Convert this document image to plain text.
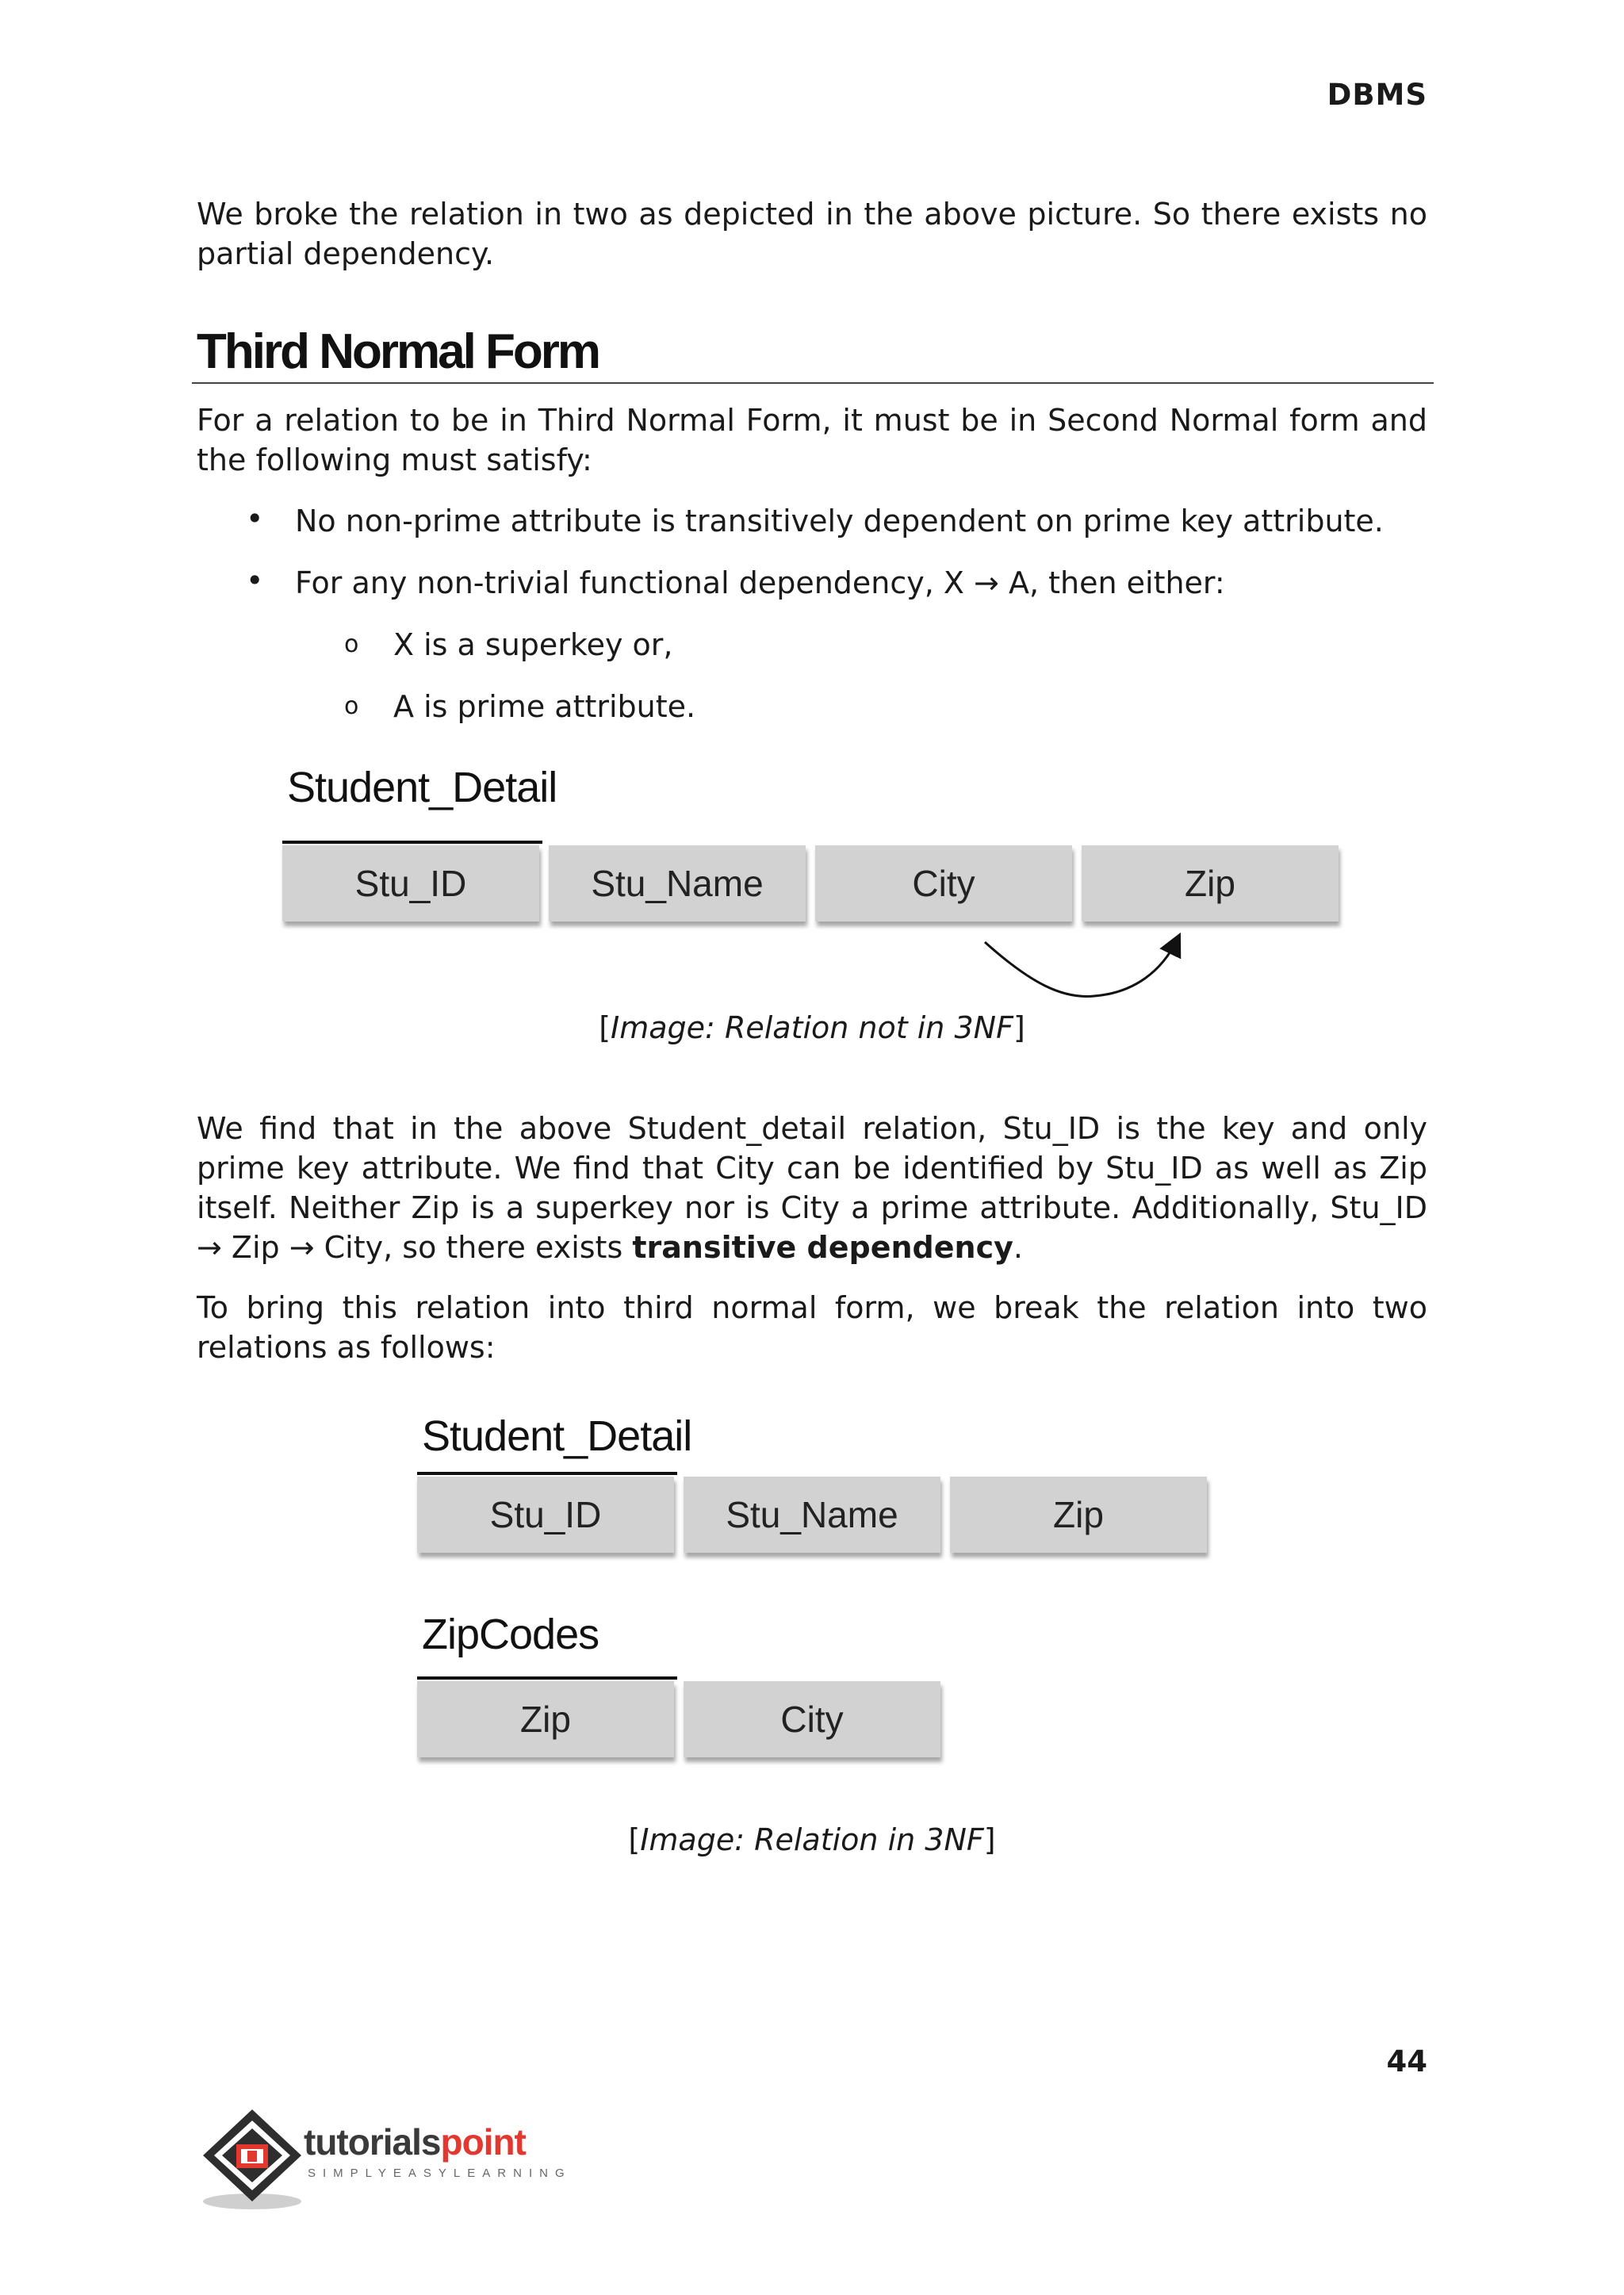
DBMS

We broke the relation in two as depicted in the above picture. So there exists no partial dependency.

Third Normal Form

For a relation to be in Third Normal Form, it must be in Second Normal form and the following must satisfy:

• No non-prime attribute is transitively dependent on prime key attribute.
• For any non-trivial functional dependency, X → A, then either:
o X is a superkey or,
o A is prime attribute.
Student_Detail
Stu_ID	Stu_Name	City	Zip
[Image: Relation not in 3NF]

We find that in the above Student_detail relation, Stu_ID is the key and only prime key attribute. We find that City can be identified by Stu_ID as well as Zip itself. Neither Zip is a superkey nor is City a prime attribute. Additionally, Stu_ID → Zip → City, so there exists transitive dependency.

To bring this relation into third normal form, we break the relation into two relations as follows:

Student_Detail
Stu_ID	Stu_Name	Zip
ZipCodes
Zip	City
[Image: Relation in 3NF]
44
tutorialspoint
SIMPLYEASYLEARNING
